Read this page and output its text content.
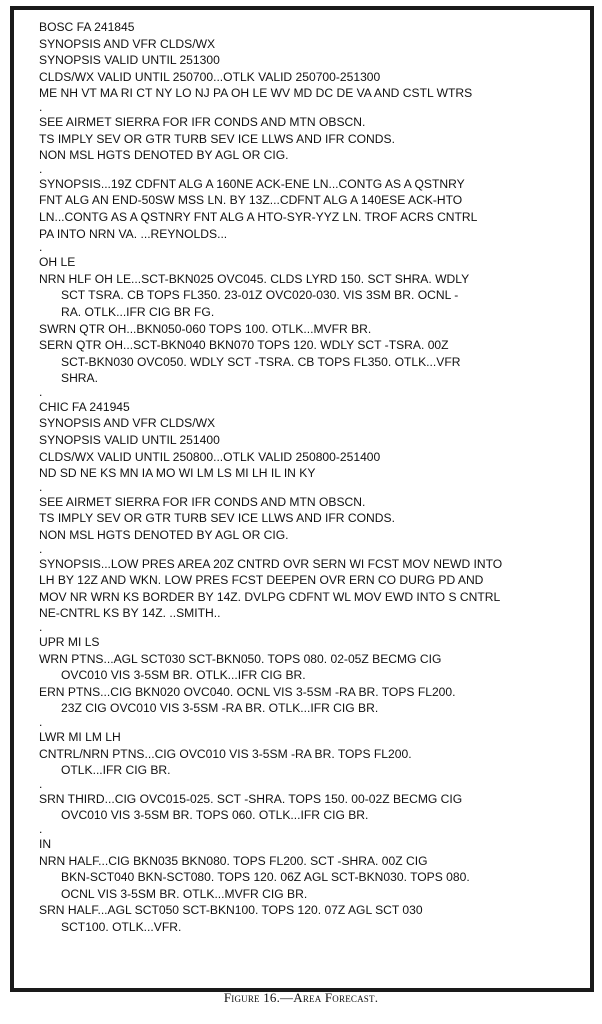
BOSC FA 241845
SYNOPSIS AND VFR CLDS/WX
SYNOPSIS VALID UNTIL 251300
CLDS/WX VALID UNTIL 250700...OTLK VALID 250700-251300
ME NH VT MA RI CT NY LO NJ PA OH LE WV MD DC DE VA AND CSTL WTRS
.
SEE AIRMET SIERRA FOR IFR CONDS AND MTN OBSCN.
TS IMPLY SEV OR GTR TURB SEV ICE LLWS AND IFR CONDS.
NON MSL HGTS DENOTED BY AGL OR CIG.
.
SYNOPSIS...19Z CDFNT ALG A 160NE ACK-ENE LN...CONTG AS A QSTNRY
FNT ALG AN END-50SW MSS LN. BY 13Z...CDFNT ALG A 140ESE ACK-HTO
LN...CONTG AS A QSTNRY FNT ALG A HTO-SYR-YYZ LN. TROF ACRS CNTRL
PA INTO NRN VA. ...REYNOLDS...
.
OH LE
NRN HLF OH LE...SCT-BKN025 OVC045. CLDS LYRD 150. SCT SHRA. WDLY
SCT TSRA. CB TOPS FL350. 23-01Z OVC020-030. VIS 3SM BR. OCNL -
RA. OTLK...IFR CIG BR FG.
SWRN QTR OH...BKN050-060 TOPS 100. OTLK...MVFR BR.
SERN QTR OH...SCT-BKN040 BKN070 TOPS 120. WDLY SCT -TSRA. 00Z
SCT-BKN030 OVC050. WDLY SCT -TSRA. CB TOPS FL350. OTLK...VFR
SHRA.
.
CHIC FA 241945
SYNOPSIS AND VFR CLDS/WX
SYNOPSIS VALID UNTIL 251400
CLDS/WX VALID UNTIL 250800...OTLK VALID 250800-251400
ND SD NE KS MN IA MO WI LM LS MI LH IL IN KY
.
SEE AIRMET SIERRA FOR IFR CONDS AND MTN OBSCN.
TS IMPLY SEV OR GTR TURB SEV ICE LLWS AND IFR CONDS.
NON MSL HGTS DENOTED BY AGL OR CIG.
.
SYNOPSIS...LOW PRES AREA 20Z CNTRD OVR SERN WI FCST MOV NEWD INTO
LH BY 12Z AND WKN. LOW PRES FCST DEEPEN OVR ERN CO DURG PD AND
MOV NR WRN KS BORDER BY 14Z. DVLPG CDFNT WL MOV EWD INTO S CNTRL
NE-CNTRL KS BY 14Z. ..SMITH..
.
UPR MI LS
WRN PTNS...AGL SCT030 SCT-BKN050. TOPS 080. 02-05Z BECMG CIG
OVC010 VIS 3-5SM BR. OTLK...IFR CIG BR.
ERN PTNS...CIG BKN020 OVC040. OCNL VIS 3-5SM -RA BR. TOPS FL200.
23Z CIG OVC010 VIS 3-5SM -RA BR. OTLK...IFR CIG BR.
.
LWR MI LM LH
CNTRL/NRN PTNS...CIG OVC010 VIS 3-5SM -RA BR. TOPS FL200.
OTLK...IFR CIG BR.
.
SRN THIRD...CIG OVC015-025. SCT -SHRA. TOPS 150. 00-02Z BECMG CIG
OVC010 VIS 3-5SM BR. TOPS 060. OTLK...IFR CIG BR.
.
IN
NRN HALF...CIG BKN035 BKN080. TOPS FL200. SCT -SHRA. 00Z CIG
BKN-SCT040 BKN-SCT080. TOPS 120. 06Z AGL SCT-BKN030. TOPS 080.
OCNL VIS 3-5SM BR. OTLK...MVFR CIG BR.
SRN HALF...AGL SCT050 SCT-BKN100. TOPS 120. 07Z AGL SCT 030
SCT100. OTLK...VFR.
Figure 16.—Area Forecast.
